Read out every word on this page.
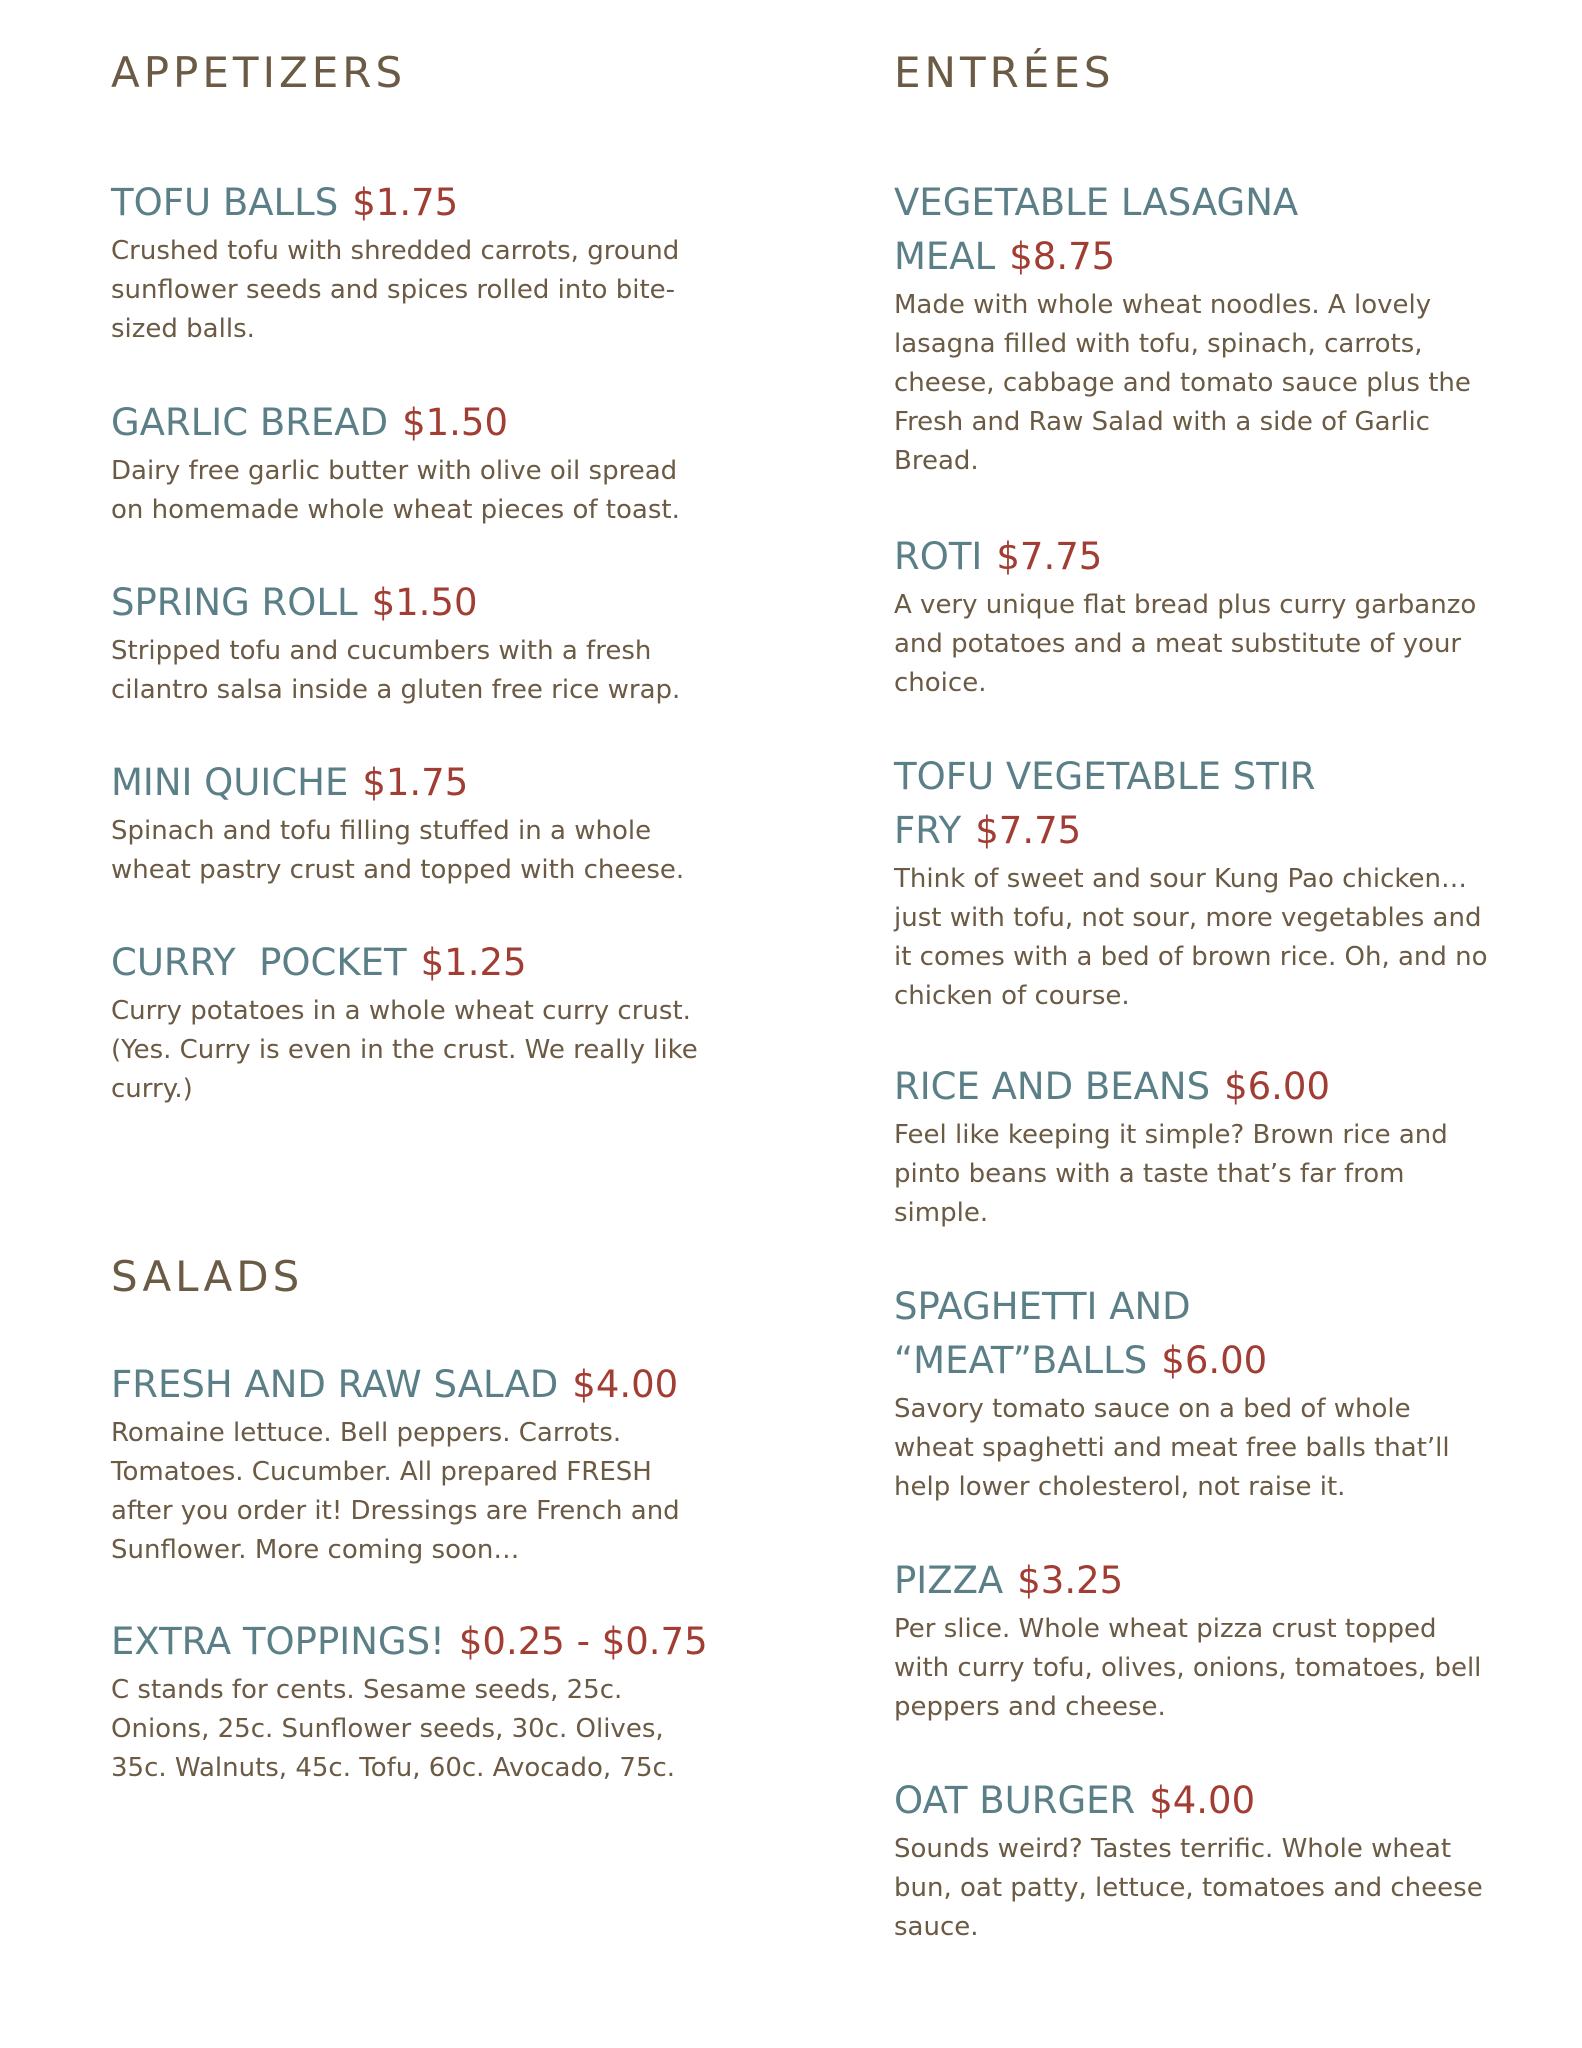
APPETIZERS
TOFU BALLS $1.75

Crushed tofu with shredded carrots, ground
sunflower seeds and spices rolled into bite-
sized balls.

GARLIC BREAD $1.50

Dairy free garlic butter with olive oil spread
on homemade whole wheat pieces of toast.

SPRING ROLL $1.50

Stripped tofu and cucumbers with a fresh
cilantro salsa inside a gluten free rice wrap.

MINI QUICHE $1.75

Spinach and tofu filling stuffed in a whole
wheat pastry crust and topped with cheese.

CURRY  POCKET $1.25

Curry potatoes in a whole wheat curry crust.
(Yes. Curry is even in the crust. We really like
curry.)

SALADS
FRESH AND RAW SALAD $4.00

Romaine lettuce. Bell peppers. Carrots.
Tomatoes. Cucumber. All prepared FRESH
after you order it! Dressings are French and
Sunflower. More coming soon…

EXTRA TOPPINGS! $0.25 - $0.75

C stands for cents. Sesame seeds, 25c.
Onions, 25c. Sunflower seeds, 30c. Olives,
35c. Walnuts, 45c. Tofu, 60c. Avocado, 75c.

ENTRÉES
VEGETABLE LASAGNA
MEAL $8.75

Made with whole wheat noodles. A lovely
lasagna filled with tofu, spinach, carrots,
cheese, cabbage and tomato sauce plus the
Fresh and Raw Salad with a side of Garlic
Bread.

ROTI $7.75

A very unique flat bread plus curry garbanzo
and potatoes and a meat substitute of your
choice.

TOFU VEGETABLE STIR
FRY $7.75

Think of sweet and sour Kung Pao chicken…
just with tofu, not sour, more vegetables and
it comes with a bed of brown rice. Oh, and no
chicken of course.

RICE AND BEANS $6.00

Feel like keeping it simple? Brown rice and
pinto beans with a taste that’s far from
simple.

SPAGHETTI AND
“MEAT”BALLS $6.00

Savory tomato sauce on a bed of whole
wheat spaghetti and meat free balls that’ll
help lower cholesterol, not raise it.

PIZZA $3.25

Per slice. Whole wheat pizza crust topped
with curry tofu, olives, onions, tomatoes, bell
peppers and cheese.

OAT BURGER $4.00

Sounds weird? Tastes terrific. Whole wheat
bun, oat patty, lettuce, tomatoes and cheese
sauce.
